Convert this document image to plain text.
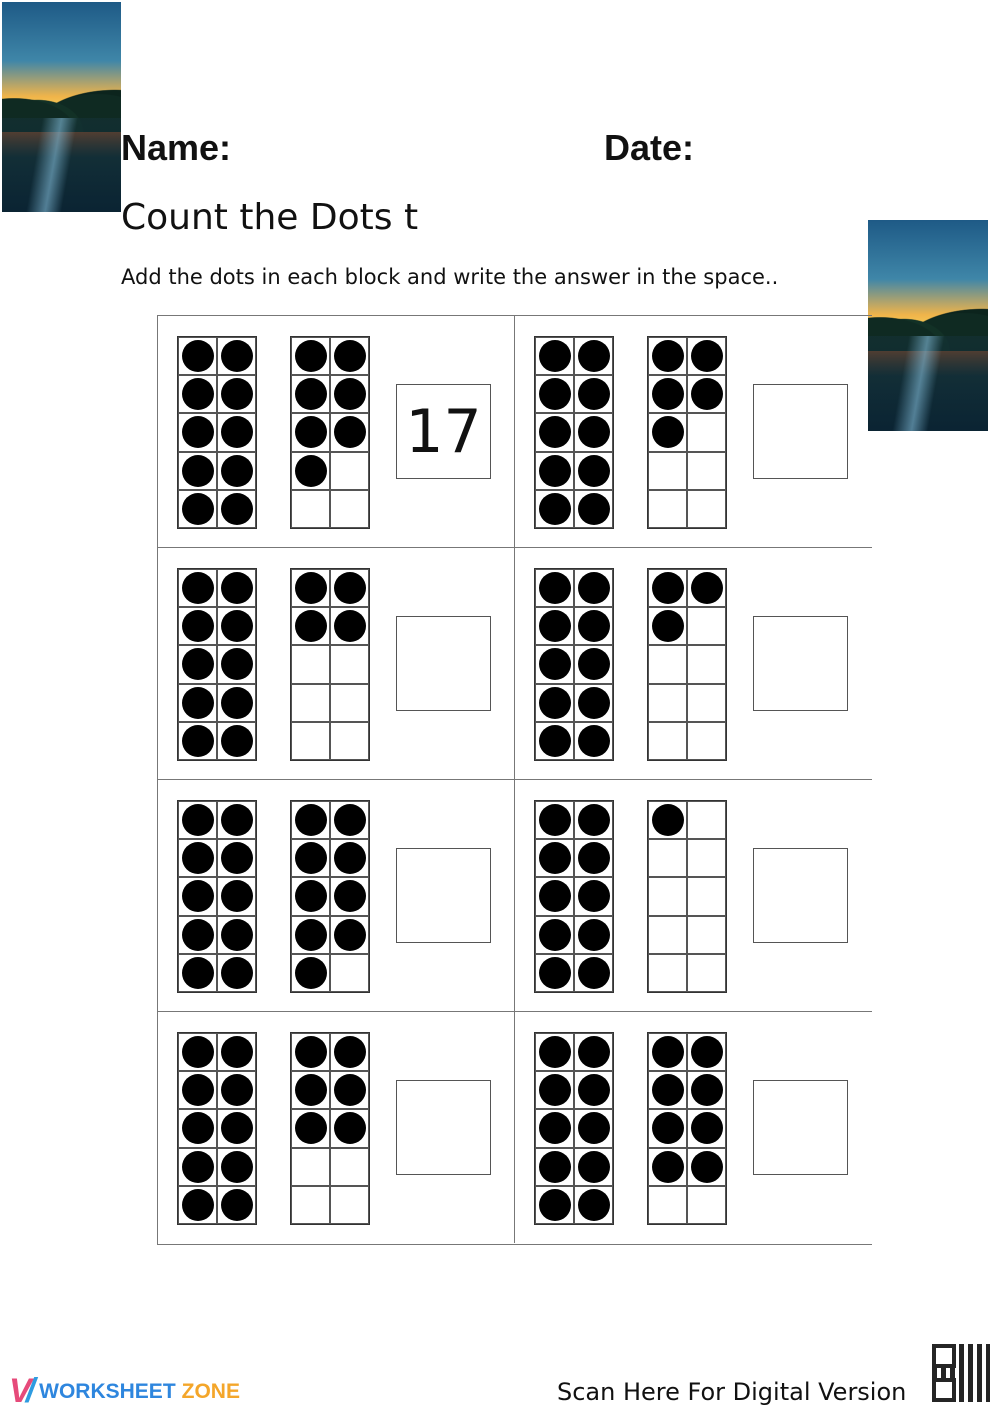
Name:	Date:
Count the Dots t
Add the dots in each block and write the answer in the space..
17
V/ WORKSHEET ZONE	Scan Here For Digital Version
